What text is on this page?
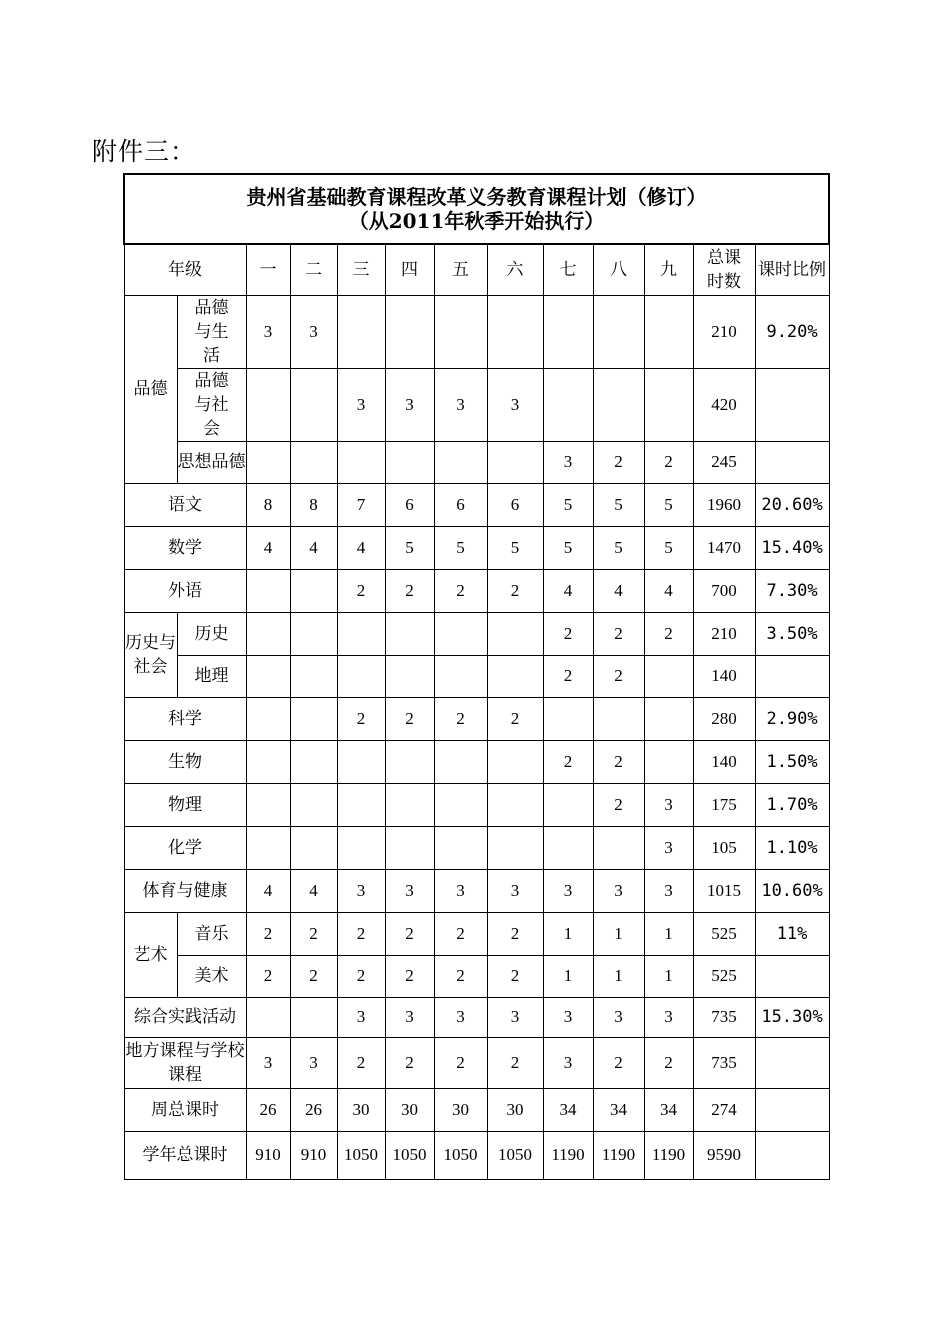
附件三：
贵州省基础教育课程改革义务教育课程计划（修订）
（从2011年秋季开始执行）												

年级		一	二	三	四	五	六	七	八	九	总课时数	课时比例
品德	品德与生活	3	3								210	9.20%
	品德与社会			3	3	3	3				420	
	思想品德							3	2	2	245	
语文		8	8	7	6	6	6	5	5	5	1960	20.60%
数学		4	4	4	5	5	5	5	5	5	1470	15.40%
外语				2	2	2	2	4	4	4	700	7.30%
历史与社会	历史							2	2	2	210	3.50%
	地理							2	2		140	
科学				2	2	2	2				280	2.90%
生物								2	2		140	1.50%
物理									2	3	175	1.70%
化学										3	105	1.10%
体育与健康		4	4	3	3	3	3	3	3	3	1015	10.60%
艺术	音乐	2	2	2	2	2	2	1	1	1	525	11%
	美术	2	2	2	2	2	2	1	1	1	525	
综合实践活动				3	3	3	3	3	3	3	735	15.30%
地方课程与学校课程		3	3	2	2	2	2	3	2	2	735	
周总课时		26	26	30	30	30	30	34	34	34	274	
学年总课时		910	910	1050	1050	1050	1050	1190	1190	1190	9590	
